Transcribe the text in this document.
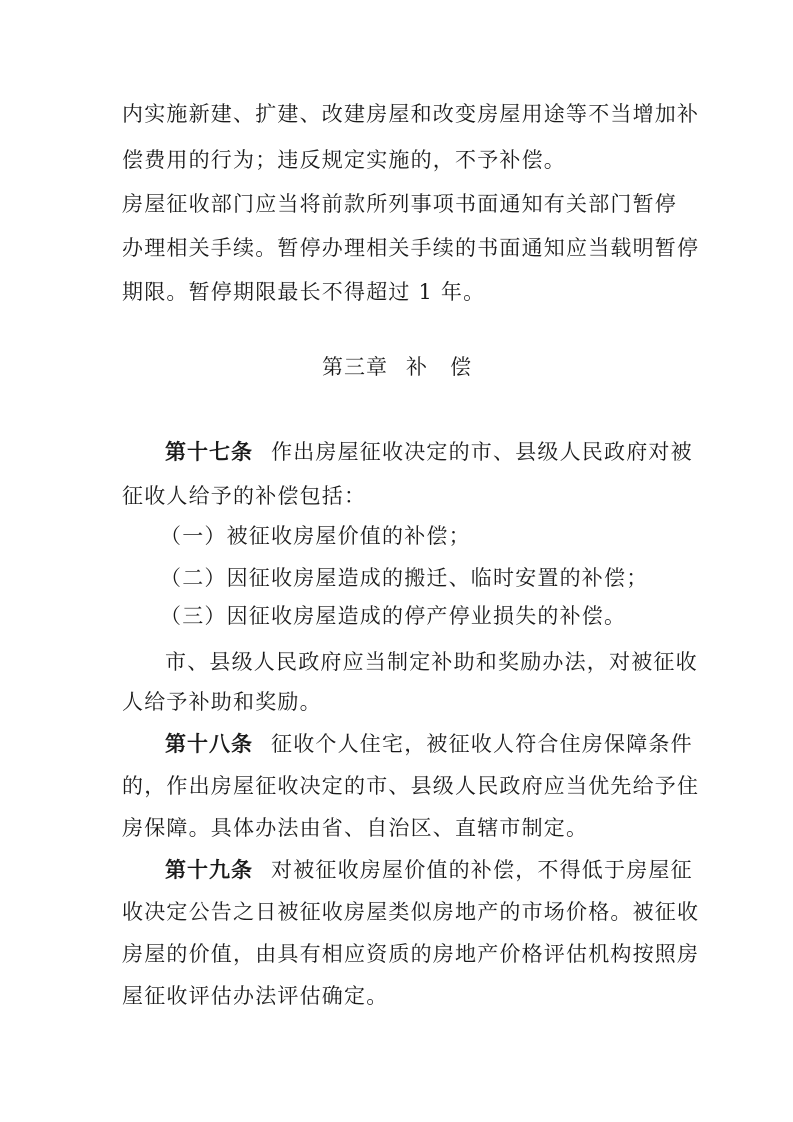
内实施新建、扩建、改建房屋和改变房屋用途等不当增加补
偿费用的行为；违反规定实施的，不予补偿。
房屋征收部门应当将前款所列事项书面通知有关部门暂停
办理相关手续。暂停办理相关手续的书面通知应当载明暂停
期限。暂停期限最长不得超过 1 年。
第三章 补　偿
第十七条 作出房屋征收决定的市、县级人民政府对被
征收人给予的补偿包括：
（一）被征收房屋价值的补偿；
（二）因征收房屋造成的搬迁、临时安置的补偿；
（三）因征收房屋造成的停产停业损失的补偿。
市、县级人民政府应当制定补助和奖励办法，对被征收
人给予补助和奖励。
第十八条 征收个人住宅，被征收人符合住房保障条件
的，作出房屋征收决定的市、县级人民政府应当优先给予住
房保障。具体办法由省、自治区、直辖市制定。
第十九条 对被征收房屋价值的补偿，不得低于房屋征
收决定公告之日被征收房屋类似房地产的市场价格。被征收
房屋的价值，由具有相应资质的房地产价格评估机构按照房
屋征收评估办法评估确定。
